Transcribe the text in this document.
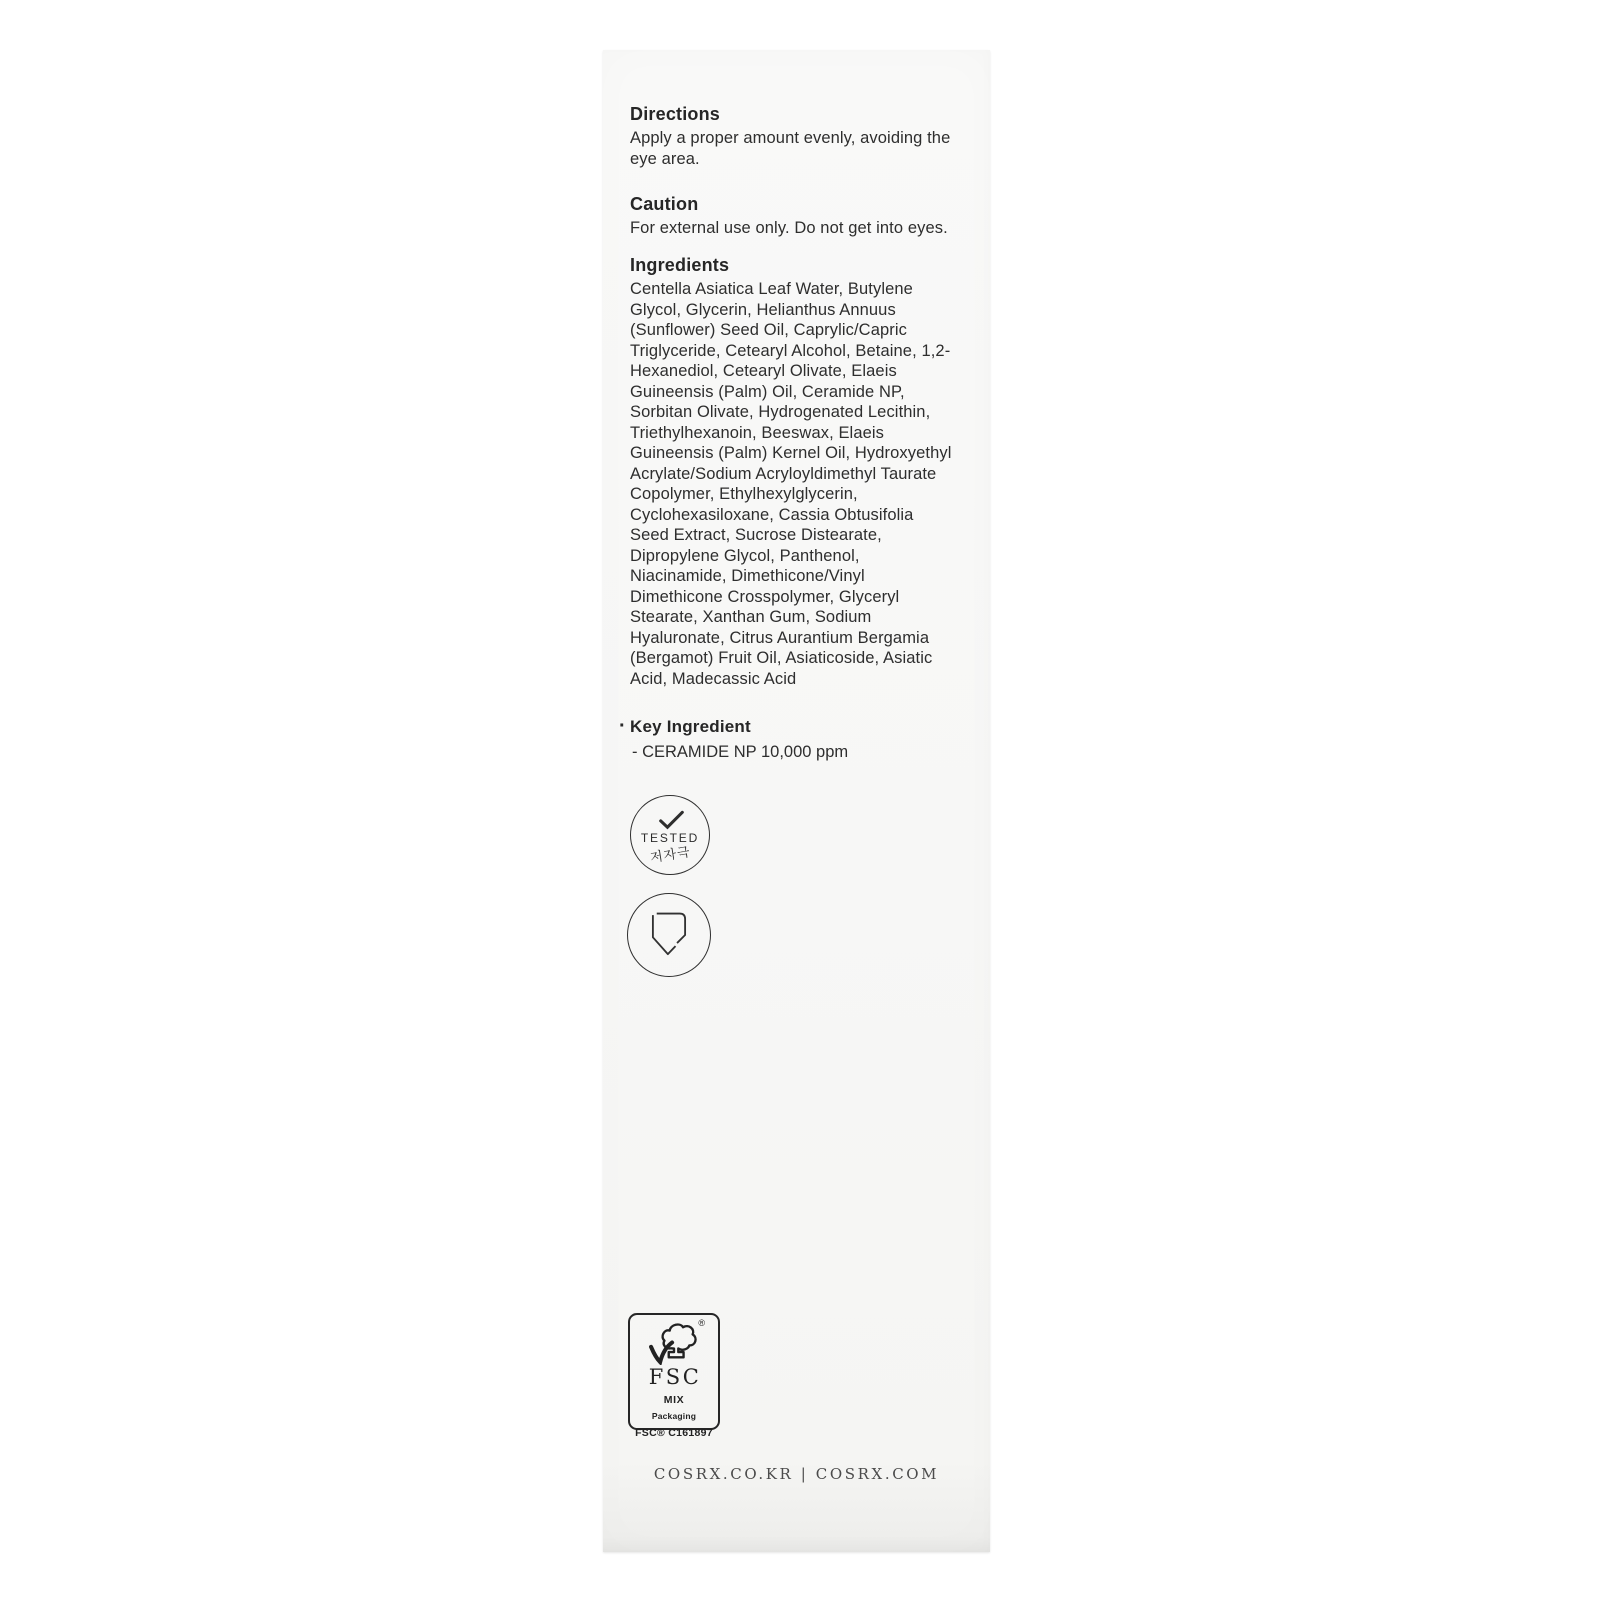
Directions

Apply a proper amount evenly, avoiding the eye area.

Caution

For external use only. Do not get into eyes.

Ingredients

Centella Asiatica Leaf Water, Butylene Glycol, Glycerin, Helianthus Annuus (Sunflower) Seed Oil, Caprylic/Capric Triglyceride, Cetearyl Alcohol, Betaine, 1,2-Hexanediol, Cetearyl Olivate, Elaeis Guineensis (Palm) Oil, Ceramide NP, Sorbitan Olivate, Hydrogenated Lecithin, Triethylhexanoin, Beeswax, Elaeis Guineensis (Palm) Kernel Oil, Hydroxyethyl Acrylate/Sodium Acryloyldimethyl Taurate Copolymer, Ethylhexylglycerin, Cyclohexasiloxane, Cassia Obtusifolia Seed Extract, Sucrose Distearate, Dipropylene Glycol, Panthenol, Niacinamide, Dimethicone/Vinyl Dimethicone Crosspolymer, Glyceryl Stearate, Xanthan Gum, Sodium Hyaluronate, Citrus Aurantium Bergamia (Bergamot) Fruit Oil, Asiaticoside, Asiatic Acid, Madecassic Acid

· Key Ingredient
- CERAMIDE NP 10,000 ppm
TESTED
저자극
®
FSC
MIX
Packaging
FSC® C161897
COSRX.CO.KR | COSRX.COM
